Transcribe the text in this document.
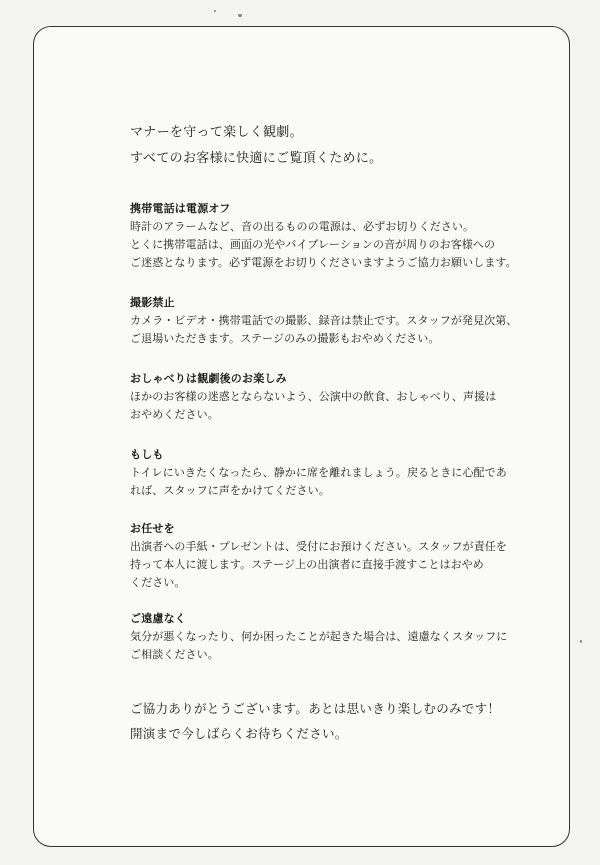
マナーを守って楽しく観劇。
すべてのお客様に快適にご覧頂くために。
携帯電話は電源オフ
時計のアラームなど、音の出るものの電源は、必ずお切りください。
とくに携帯電話は、画面の光やバイブレーションの音が周りのお客様への
ご迷惑となります。必ず電源をお切りくださいますようご協力お願いします。
撮影禁止
カメラ・ビデオ・携帯電話での撮影、録音は禁止です。スタッフが発見次第、
ご退場いただきます。ステージのみの撮影もおやめください。
おしゃべりは観劇後のお楽しみ
ほかのお客様の迷惑とならないよう、公演中の飲食、おしゃべり、声援は
おやめください。
もしも
トイレにいきたくなったら、静かに席を離れましょう。戻るときに心配であ
れば、スタッフに声をかけてください。
お任せを
出演者への手紙・プレゼントは、受付にお預けください。スタッフが責任を
持って本人に渡します。ステージ上の出演者に直接手渡すことはおやめ
ください。
ご遠慮なく
気分が悪くなったり、何か困ったことが起きた場合は、遠慮なくスタッフに
ご相談ください。
ご協力ありがとうございます。あとは思いきり楽しむのみです！
開演まで今しばらくお待ちください。
